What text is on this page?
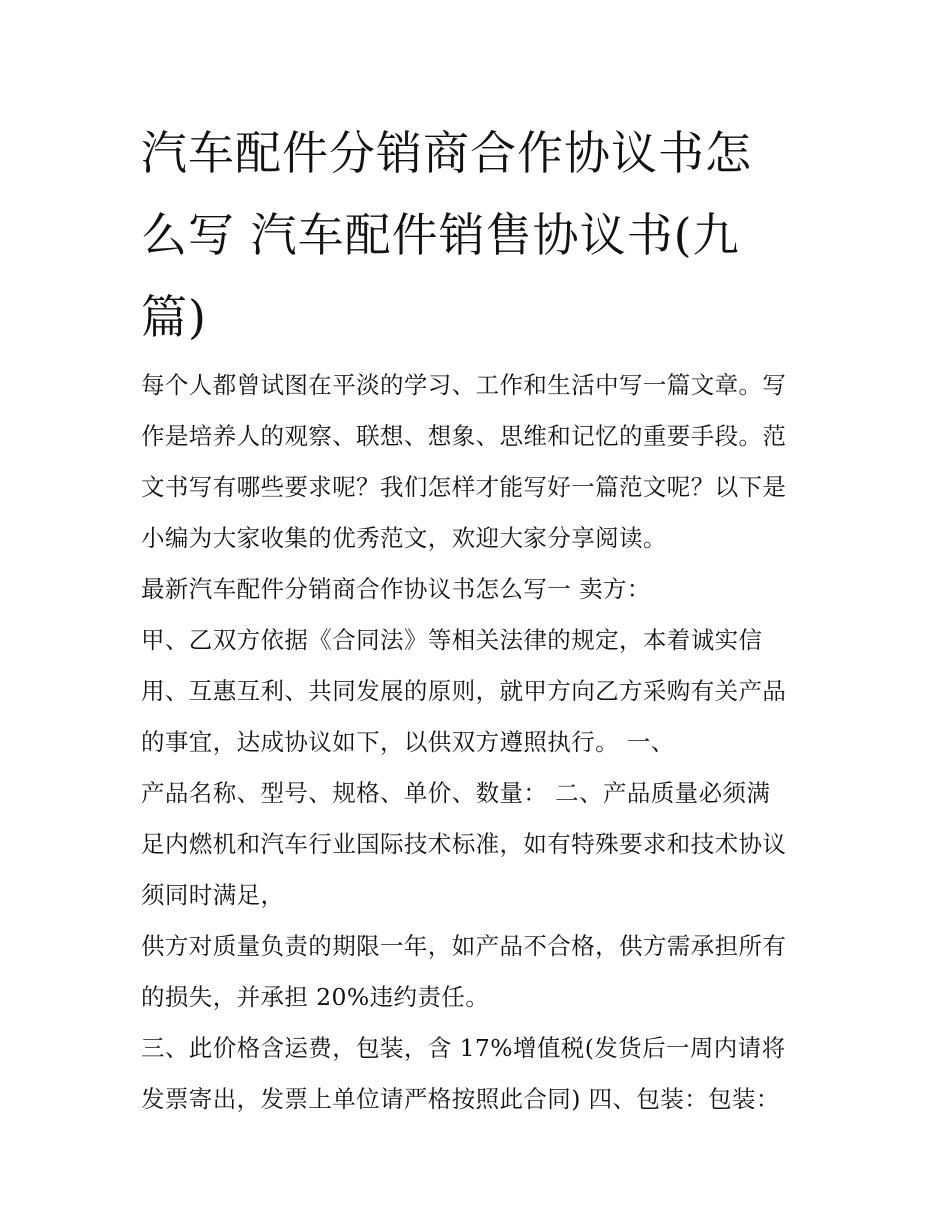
汽车配件分销商合作协议书怎
么写 汽车配件销售协议书(九
篇)

每个人都曾试图在平淡的学习、工作和生活中写一篇文章。写
作是培养人的观察、联想、想象、思维和记忆的重要手段。范
文书写有哪些要求呢？我们怎样才能写好一篇范文呢？以下是
小编为大家收集的优秀范文，欢迎大家分享阅读。

最新汽车配件分销商合作协议书怎么写一 卖方：

甲、乙双方依据《合同法》等相关法律的规定，本着诚实信
用、互惠互利、共同发展的原则，就甲方向乙方采购有关产品
的事宜，达成协议如下，以供双方遵照执行。 一、

产品名称、型号、规格、单价、数量： 二、产品质量必须满
足内燃机和汽车行业国际技术标准，如有特殊要求和技术协议
须同时满足，

供方对质量负责的期限一年，如产品不合格，供方需承担所有
的损失，并承担 20%违约责任。

三、此价格含运费，包装，含 17%增值税(发货后一周内请将
发票寄出，发票上单位请严格按照此合同) 四、包装：包装：
